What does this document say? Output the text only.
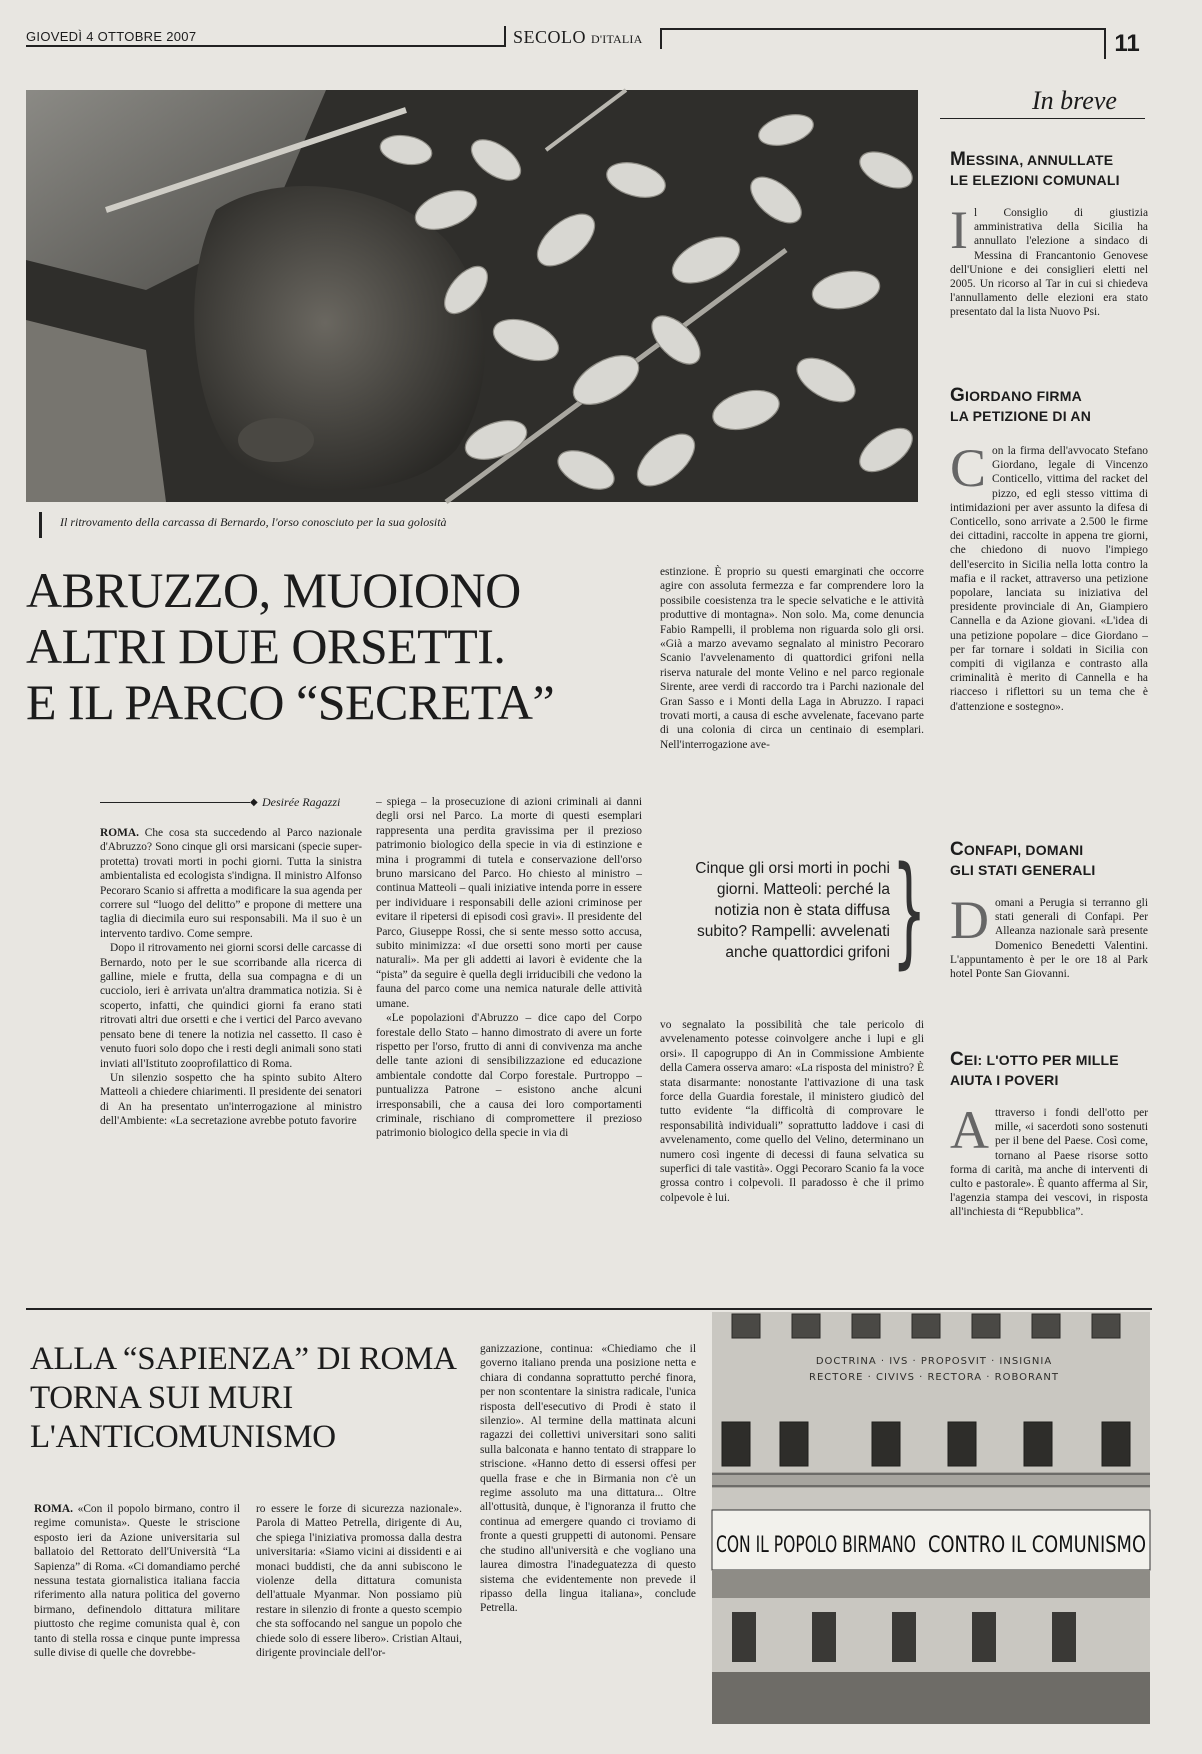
GIOVEDÌ 4 OTTOBRE 2007	SECOLO D'ITALIA	11
Il ritrovamento della carcassa di Bernardo, l'orso conosciuto per la sua golosità
ABRUZZO, MUOIONO
ALTRI DUE ORSETTI.
E IL PARCO “SECRETA”
◆ Desirée Ragazzi

ROMA. Che cosa sta succedendo al Parco nazionale d'Abruzzo? Sono cinque gli orsi marsicani (specie super-protetta) trovati morti in pochi giorni. Tutta la sinistra ambientalista ed ecologista s'indigna. Il ministro Alfonso Pecoraro Scanio si affretta a modificare la sua agenda per correre sul “luogo del delitto” e propone di mettere una taglia di diecimila euro sui responsabili. Ma il suo è un intervento tardivo. Come sempre.

Dopo il ritrovamento nei giorni scorsi delle carcasse di Bernardo, noto per le sue scorribande alla ricerca di galline, miele e frutta, della sua compagna e di un cucciolo, ieri è arrivata un'altra drammatica notizia. Si è scoperto, infatti, che quindici giorni fa erano stati ritrovati altri due orsetti e che i vertici del Parco avevano pensato bene di tenere la notizia nel cassetto. Il caso è venuto fuori solo dopo che i resti degli animali sono stati inviati all'Istituto zooprofilattico di Roma.

Un silenzio sospetto che ha spinto subito Altero Matteoli a chiedere chiarimenti. Il presidente dei senatori di An ha presentato un'interrogazione al ministro dell'Ambiente: «La secretazione avrebbe potuto favorire

– spiega – la prosecuzione di azioni criminali ai danni degli orsi nel Parco. La morte di questi esemplari rappresenta una perdita gravissima per il prezioso patrimonio biologico della specie in via di estinzione e mina i programmi di tutela e conservazione dell'orso bruno marsicano del Parco. Ho chiesto al ministro – continua Matteoli – quali iniziative intenda porre in essere per individuare i responsabili delle azioni criminose per evitare il ripetersi di episodi così gravi». Il presidente del Parco, Giuseppe Rossi, che si sente messo sotto accusa, subito minimizza: «I due orsetti sono morti per cause naturali». Ma per gli addetti ai lavori è evidente che la “pista” da seguire è quella degli irriducibili che vedono la fauna del parco come una nemica naturale delle attività umane.

«Le popolazioni d'Abruzzo – dice capo del Corpo forestale dello Stato – hanno dimostrato di avere un forte rispetto per l'orso, frutto di anni di convivenza ma anche delle tante azioni di sensibilizzazione ed educazione ambientale condotte dal Corpo forestale. Purtroppo – puntualizza Patrone – esistono anche alcuni irresponsabili, che a causa dei loro comportamenti criminale, rischiano di compromettere il prezioso patrimonio biologico della specie in via di

estinzione. È proprio su questi emarginati che occorre agire con assoluta fermezza e far comprendere loro la possibile coesistenza tra le specie selvatiche e le attività produttive di montagna». Non solo. Ma, come denuncia Fabio Rampelli, il problema non riguarda solo gli orsi. «Già a marzo avevamo segnalato al ministro Pecoraro Scanio l'avvelenamento di quattordici grifoni nella riserva naturale del monte Velino e nel parco regionale Sirente, aree verdi di raccordo tra i Parchi nazionale del Gran Sasso e i Monti della Laga in Abruzzo. I rapaci trovati morti, a causa di esche avvelenate, facevano parte di una colonia di circa un centinaio di esemplari. Nell'interrogazione ave-

Cinque gli orsi morti in pochi giorni. Matteoli: perché la notizia non è stata diffusa subito? Rampelli: avvelenati anche quattordici grifoni }

vo segnalato la possibilità che tale pericolo di avvelenamento potesse coinvolgere anche i lupi e gli orsi». Il capogruppo di An in Commissione Ambiente della Camera osserva amaro: «La risposta del ministro? È stata disarmante: nonostante l'attivazione di una task force della Guardia forestale, il ministero giudicò del tutto evidente “la difficoltà di comprovare le responsabilità individuali” soprattutto laddove i casi di avvelenamento, come quello del Velino, determinano un numero così ingente di decessi di fauna selvatica su superfici di tale vastità». Oggi Pecoraro Scanio fa la voce grossa contro i colpevoli. Il paradosso è che il primo colpevole è lui.

In breve
MESSINA, ANNULLATE
LE ELEZIONI COMUNALI
Il Consiglio di giustizia amministrativa della Sicilia ha annullato l'elezione a sindaco di Messina di Francantonio Genovese dell'Unione e dei consiglieri eletti nel 2005. Un ricorso al Tar in cui si chiedeva l'annullamento delle elezioni era stato presentato dal la lista Nuovo Psi.
GIORDANO FIRMA
LA PETIZIONE DI AN
Con la firma dell'avvocato Stefano Giordano, legale di Vincenzo Conticello, vittima del racket del pizzo, ed egli stesso vittima di intimidazioni per aver assunto la difesa di Conticello, sono arrivate a 2.500 le firme dei cittadini, raccolte in appena tre giorni, che chiedono di nuovo l'impiego dell'esercito in Sicilia nella lotta contro la mafia e il racket, attraverso una petizione popolare, lanciata su iniziativa del presidente provinciale di An, Giampiero Cannella e da Azione giovani. «L'idea di una petizione popolare – dice Giordano – per far tornare i soldati in Sicilia con compiti di vigilanza e contrasto alla criminalità è merito di Cannella e ha riacceso i riflettori su un tema che è d'attenzione e sostegno».
CONFAPI, DOMANI
GLI STATI GENERALI
Domani a Perugia si terranno gli stati generali di Confapi. Per Alleanza nazionale sarà presente Domenico Benedetti Valentini. L'appuntamento è per le ore 18 al Park hotel Ponte San Giovanni.
CEI: L'OTTO PER MILLE
AIUTA I POVERI
Attraverso i fondi dell'otto per mille, «i sacerdoti sono sostenuti per il bene del Paese. Così come, tornano al Paese risorse sotto forma di carità, ma anche di interventi di culto e pastorale». È quanto afferma al Sir, l'agenzia stampa dei vescovi, in risposta all'inchiesta di “Repubblica”.
ALLA “SAPIENZA” DI ROMA
TORNA SUI MURI
L'ANTICOMUNISMO

ROMA. «Con il popolo birmano, contro il regime comunista». Queste le striscione esposto ieri da Azione universitaria sul ballatoio del Rettorato dell'Università “La Sapienza” di Roma. «Ci domandiamo perché nessuna testata giornalistica italiana faccia riferimento alla natura politica del governo birmano, definendolo dittatura militare piuttosto che regime comunista qual è, con tanto di stella rossa e cinque punte impressa sulle divise di quelle che dovrebbe-

ro essere le forze di sicurezza nazionale». Parola di Matteo Petrella, dirigente di Au, che spiega l'iniziativa promossa dalla destra universitaria: «Siamo vicini ai dissidenti e ai monaci buddisti, che da anni subiscono le violenze della dittatura comunista dell'attuale Myanmar. Non possiamo più restare in silenzio di fronte a questo scempio che sta soffocando nel sangue un popolo che chiede solo di essere libero». Cristian Altaui, dirigente provinciale dell'or-

ganizzazione, continua: «Chiediamo che il governo italiano prenda una posizione netta e chiara di condanna soprattutto perché finora, per non scontentare la sinistra radicale, l'unica risposta dell'esecutivo di Prodi è stato il silenzio». Al termine della mattinata alcuni ragazzi dei collettivi universitari sono saliti sulla balconata e hanno tentato di strappare lo striscione. «Hanno detto di essersi offesi per quella frase e che in Birmania non c'è un regime assoluto ma una dittatura... Oltre all'ottusità, dunque, è l'ignoranza il frutto che continua ad emergere quando ci troviamo di fronte a questi gruppetti di autonomi. Pensare che studino all'università e che vogliano una laurea dimostra l'inadeguatezza di questo sistema che evidentemente non prevede il ripasso della lingua italiana», conclude Petrella.

DOCTRINA · IVS · PROPOSVIT · INSIGNIA
RECTORE · CIVIVS · RECTORA · ROBORANT
CON IL POPOLO BIRMANO CONTRO IL COMUNISMO
